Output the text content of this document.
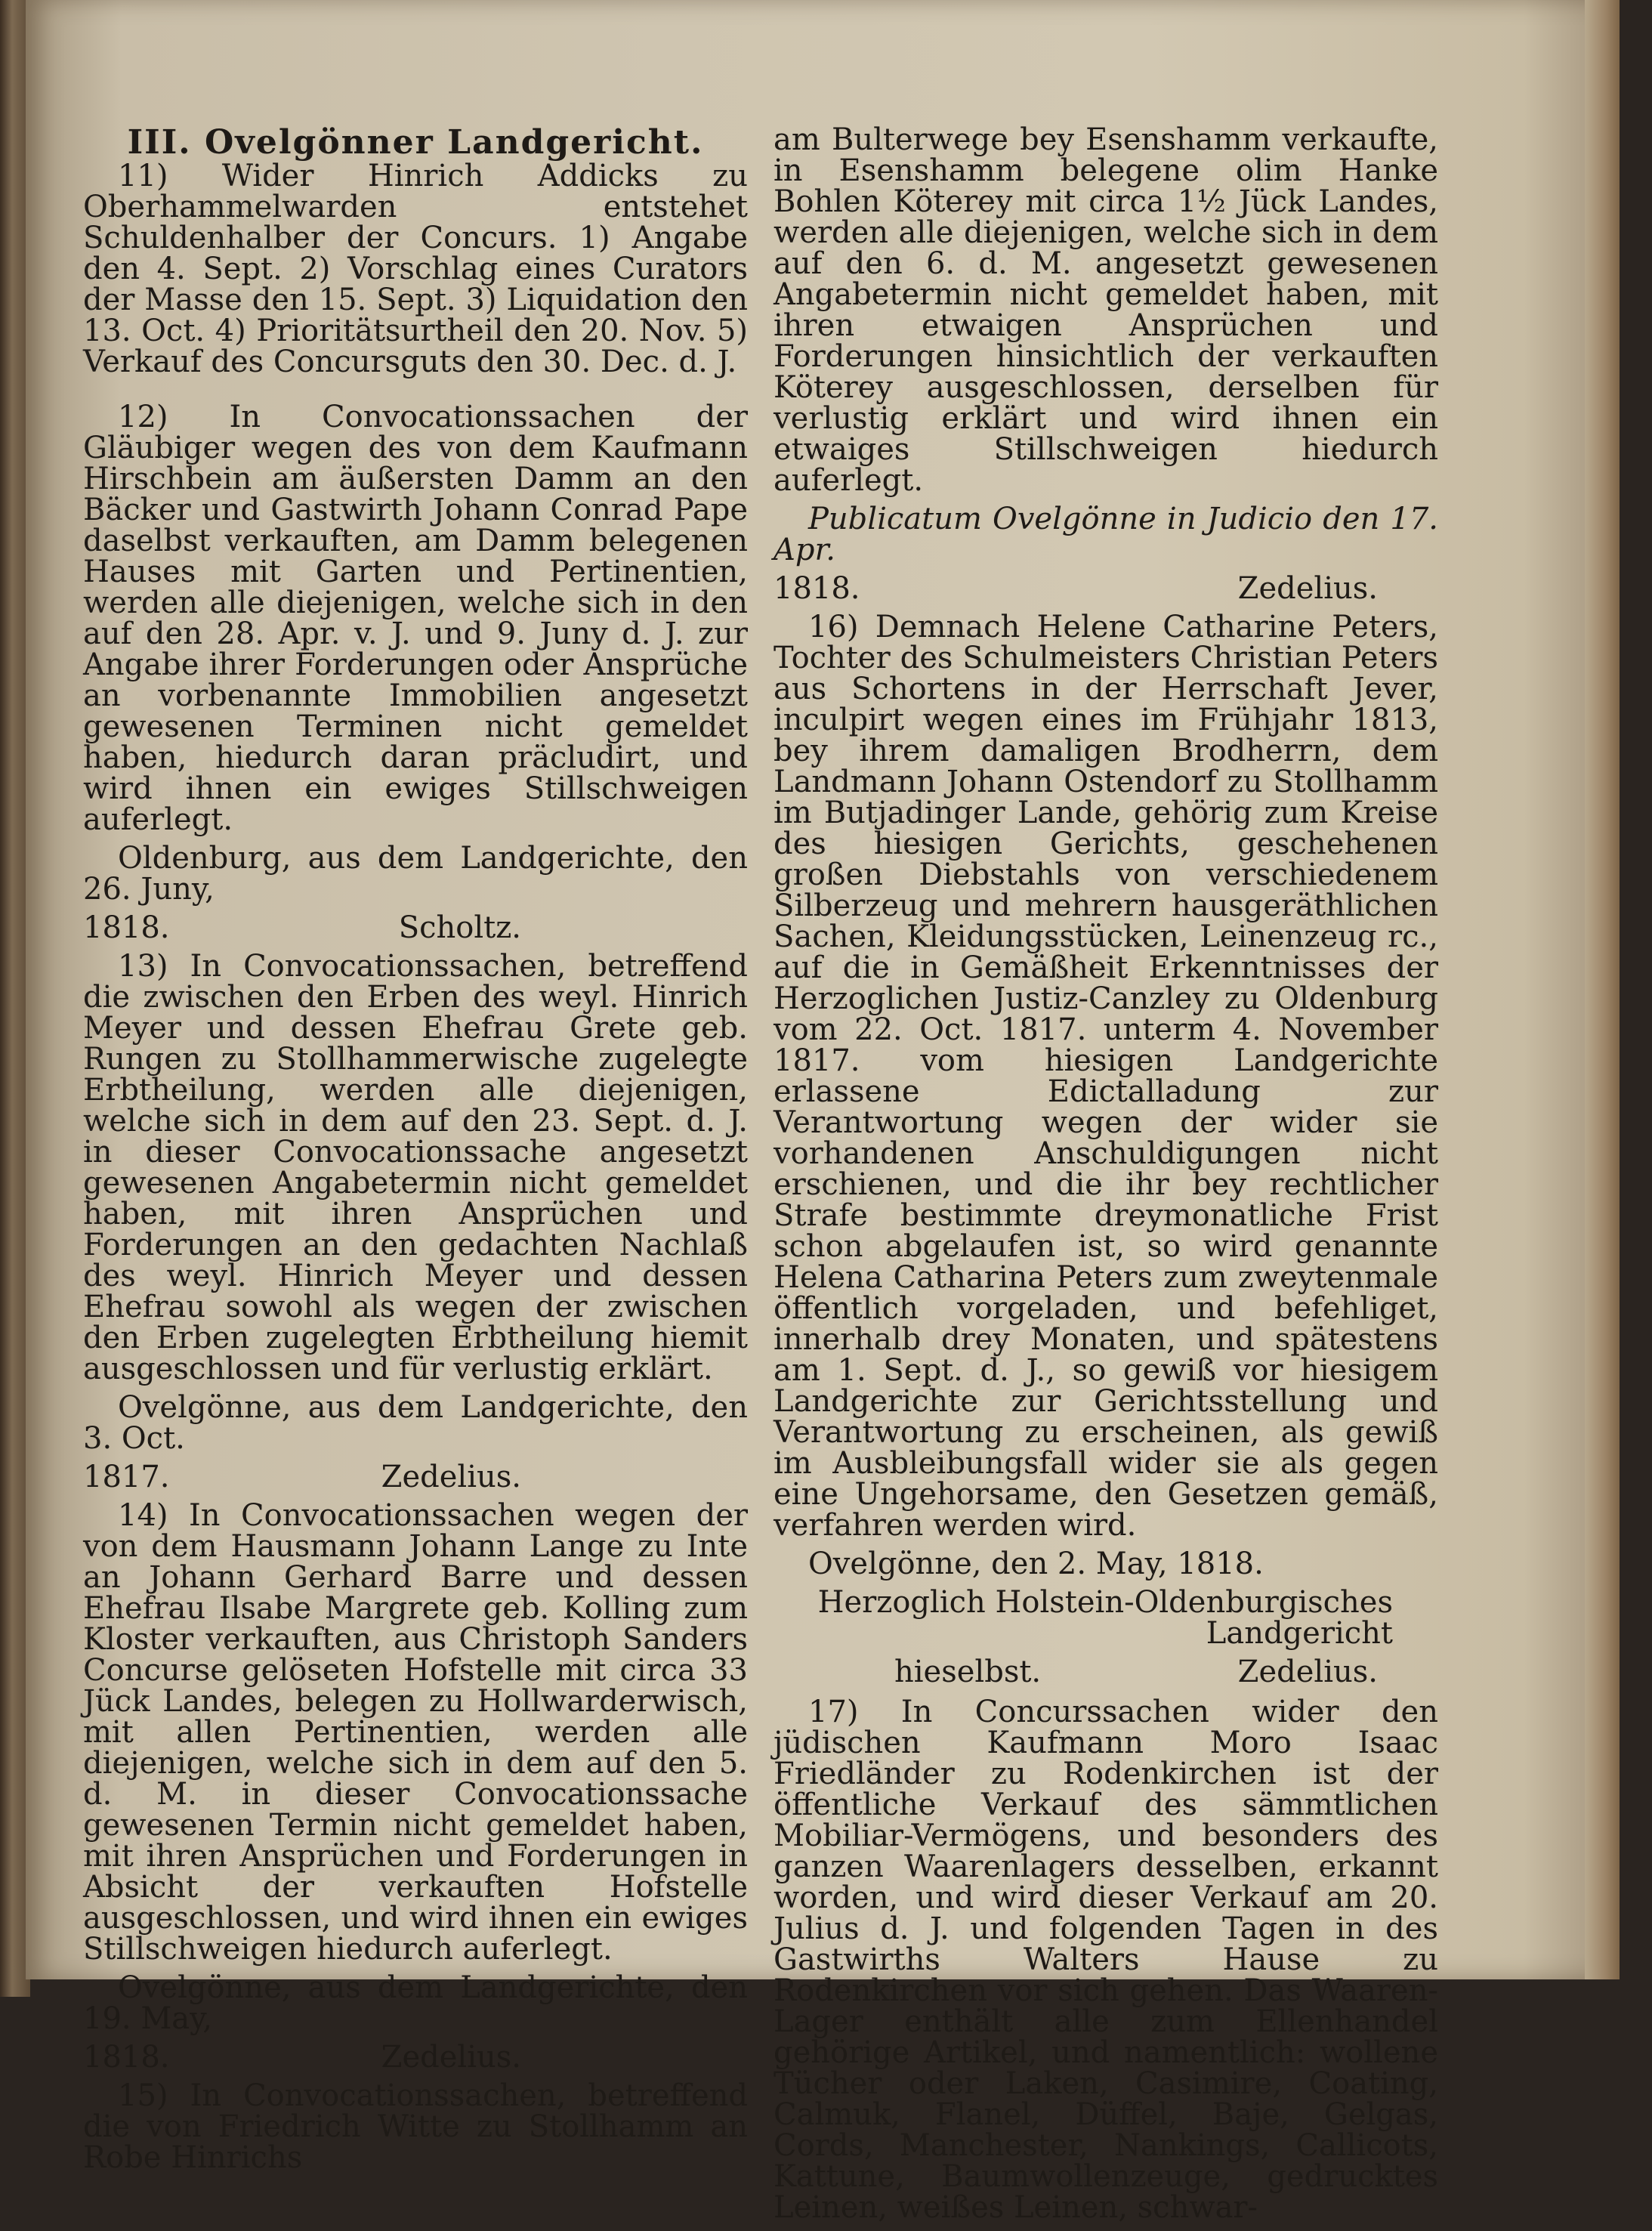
III. Ovelgönner Landgericht.

11) Wider Hinrich Addicks zu Oberhammelwarden entstehet Schuldenhalber der Concurs. 1) Angabe den 4. Sept. 2) Vorschlag eines Curators der Masse den 15. Sept. 3) Liquidation den 13. Oct. 4) Prioritätsurtheil den 20. Nov. 5) Verkauf des Concursguts den 30. Dec. d. J.

12) In Convocationssachen der Gläubiger wegen des von dem Kaufmann Hirschbein am äußersten Damm an den Bäcker und Gastwirth Johann Conrad Pape daselbst verkauften, am Damm belegenen Hauses mit Garten und Pertinentien, werden alle diejenigen, welche sich in den auf den 28. Apr. v. J. und 9. Juny d. J. zur Angabe ihrer Forderungen oder Ansprüche an vorbenannte Immobilien angesetzt gewesenen Terminen nicht gemeldet haben, hiedurch daran präcludirt, und wird ihnen ein ewiges Stillschweigen auferlegt.

Oldenburg, aus dem Landgerichte, den 26. Juny,

1818.	Scholtz.

13) In Convocationssachen, betreffend die zwischen den Erben des weyl. Hinrich Meyer und dessen Ehefrau Grete geb. Rungen zu Stollhammerwische zugelegte Erbtheilung, werden alle diejenigen, welche sich in dem auf den 23. Sept. d. J. in dieser Convocationssache angesetzt gewesenen Angabetermin nicht gemeldet haben, mit ihren Ansprüchen und Forderungen an den gedachten Nachlaß des weyl. Hinrich Meyer und dessen Ehefrau sowohl als wegen der zwischen den Erben zugelegten Erbtheilung hiemit ausgeschlossen und für verlustig erklärt.

Ovelgönne, aus dem Landgerichte, den 3. Oct.

1817.	Zedelius.

14) In Convocationssachen wegen der von dem Hausmann Johann Lange zu Inte an Johann Gerhard Barre und dessen Ehefrau Ilsabe Margrete geb. Kolling zum Kloster verkauften, aus Christoph Sanders Concurse gelöseten Hofstelle mit circa 33 Jück Landes, belegen zu Hollwarderwisch, mit allen Pertinentien, werden alle diejenigen, welche sich in dem auf den 5. d. M. in dieser Convocationssache gewesenen Termin nicht gemeldet haben, mit ihren Ansprüchen und Forderungen in Absicht der verkauften Hofstelle ausgeschlossen, und wird ihnen ein ewiges Stillschweigen hiedurch auferlegt.

Ovelgönne, aus dem Landgerichte, den 19. May,

1818.	Zedelius.

15) In Convocationssachen, betreffend die von Friedrich Witte zu Stollhamm an Robe Hinrichs

am Bulterwege bey Esenshamm verkaufte, in Esenshamm belegene olim Hanke Bohlen Köterey mit circa 1½ Jück Landes, werden alle diejenigen, welche sich in dem auf den 6. d. M. angesetzt gewesenen Angabetermin nicht gemeldet haben, mit ihren etwaigen Ansprüchen und Forderungen hinsichtlich der verkauften Köterey ausgeschlossen, derselben für verlustig erklärt und wird ihnen ein etwaiges Stillschweigen hiedurch auferlegt.

Publicatum Ovelgönne in Judicio den 17. Apr.

1818.	Zedelius.

16) Demnach Helene Catharine Peters, Tochter des Schulmeisters Christian Peters aus Schortens in der Herrschaft Jever, inculpirt wegen eines im Frühjahr 1813, bey ihrem damaligen Brodherrn, dem Landmann Johann Ostendorf zu Stollhamm im Butjadinger Lande, gehörig zum Kreise des hiesigen Gerichts, geschehenen großen Diebstahls von verschiedenem Silberzeug und mehrern hausgeräthlichen Sachen, Kleidungsstücken, Leinenzeug rc., auf die in Gemäßheit Erkenntnisses der Herzoglichen Justiz-Canzley zu Oldenburg vom 22. Oct. 1817. unterm 4. November 1817. vom hiesigen Landgerichte erlassene Edictalladung zur Verantwortung wegen der wider sie vorhandenen Anschuldigungen nicht erschienen, und die ihr bey rechtlicher Strafe bestimmte dreymonatliche Frist schon abgelaufen ist, so wird genannte Helena Catharina Peters zum zweytenmale öffentlich vorgeladen, und befehliget, innerhalb drey Monaten, und spätestens am 1. Sept. d. J., so gewiß vor hiesigem Landgerichte zur Gerichtsstellung und Verantwortung zu erscheinen, als gewiß im Ausbleibungsfall wider sie als gegen eine Ungehorsame, den Gesetzen gemäß, verfahren werden wird.

Ovelgönne, den 2. May, 1818.

Herzoglich Holstein-Oldenburgisches Landgericht

hieselbst.	Zedelius.

17) In Concurssachen wider den jüdischen Kaufmann Moro Isaac Friedländer zu Rodenkirchen ist der öffentliche Verkauf des sämmtlichen Mobiliar-Vermögens, und besonders des ganzen Waarenlagers desselben, erkannt worden, und wird dieser Verkauf am 20. Julius d. J. und folgenden Tagen in des Gastwirths Walters Hause zu Rodenkirchen vor sich gehen. Das Waaren-Lager enthält alle zum Ellenhandel gehörige Artikel, und namentlich: wollene Tücher oder Laken, Casimire, Coating, Calmuk, Flanel, Düffel, Baje, Gelgas, Cords, Manchester, Nankings, Callicots, Kattune, Baumwollenzeuge, gedrucktes Leinen, weißes Leinen, schwar-
